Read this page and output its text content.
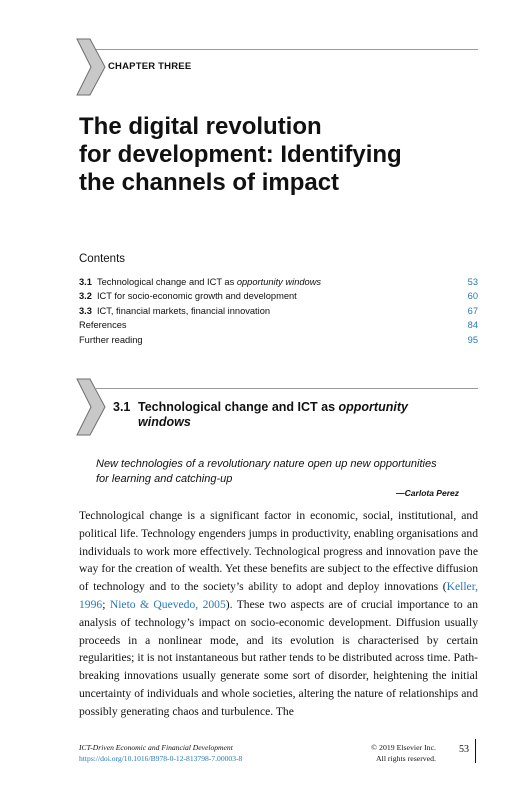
CHAPTER THREE
The digital revolution
for development: Identifying
the channels of impact
Contents
3.1 Technological change and ICT as opportunity windows	53
3.2 ICT for socio-economic growth and development	60
3.3 ICT, financial markets, financial innovation	67
References	84
Further reading	95
3.1 Technological change and ICT as opportunity
windows
New technologies of a revolutionary nature open up new opportunities
for learning and catching-up
—Carlota Perez

Technological change is a significant factor in economic, social, institutional, and political life. Technology engenders jumps in productivity, enabling organisations and individuals to work more effectively. Technological progress and innovation pave the way for the creation of wealth. Yet these benefits are subject to the effective diffusion of technology and to the society’s ability to adopt and deploy innovations (Keller, 1996; Nieto & Quevedo, 2005). These two aspects are of crucial importance to an analysis of technology’s impact on socio-economic development. Diffusion usually proceeds in a nonlinear mode, and its evolution is characterised by certain regularities; it is not instantaneous but rather tends to be distributed across time. Path-breaking innovations usually generate some sort of disorder, heightening the initial uncertainty of individuals and whole societies, altering the nature of relationships and possibly generating chaos and turbulence. The

ICT-Driven Economic and Financial Development
https://doi.org/10.1016/B978-0-12-813798-7.00003-8
© 2019 Elsevier Inc.
All rights reserved.
53
